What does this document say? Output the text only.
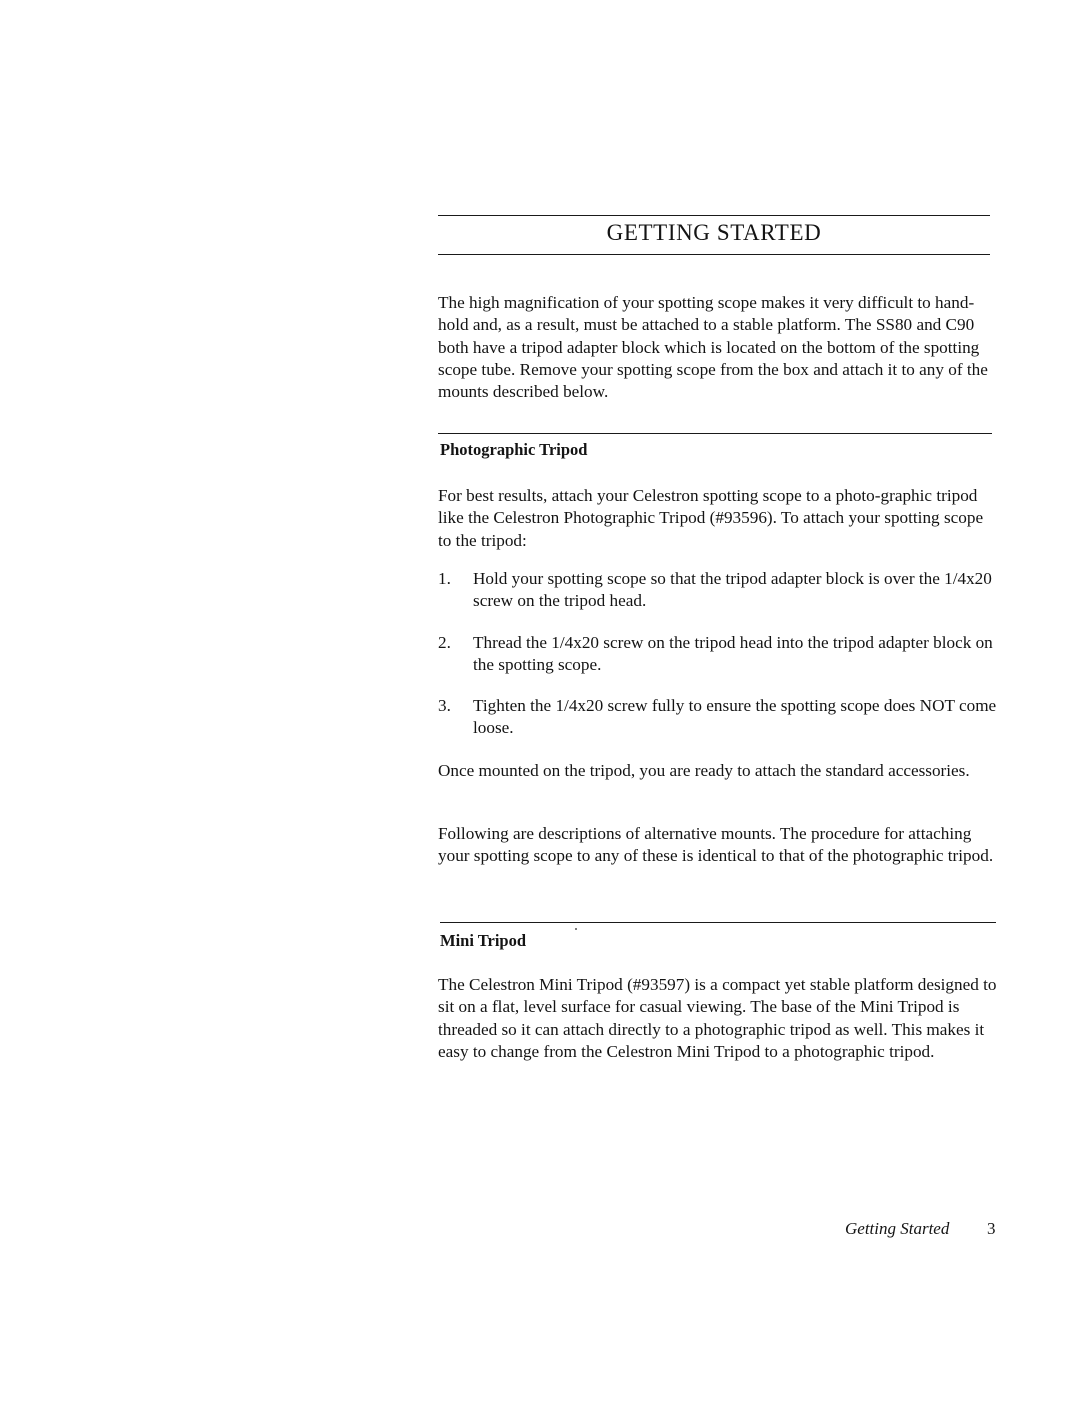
GETTING STARTED

The high magnification of your spotting scope makes it very difficult to hand-hold and, as a result, must be attached to a stable platform. The SS80 and C90 both have a tripod adapter block which is located on the bottom of the spotting scope tube. Remove your spotting scope from the box and attach it to any of the mounts described below.

Photographic Tripod

For best results, attach your Celestron spotting scope to a photo-graphic tripod like the Celestron Photographic Tripod (#93596). To attach your spotting scope to the tripod:

1. Hold your spotting scope so that the tripod adapter block is over the 1/4x20 screw on the tripod head.
2. Thread the 1/4x20 screw on the tripod head into the tripod adapter block on the spotting scope.
3. Tighten the 1/4x20 screw fully to ensure the spotting scope does NOT come loose.

Once mounted on the tripod, you are ready to attach the standard accessories.

Following are descriptions of alternative mounts. The procedure for attaching your spotting scope to any of these is identical to that of the photographic tripod.

Mini Tripod

The Celestron Mini Tripod (#93597) is a compact yet stable platform designed to sit on a flat, level surface for casual viewing. The base of the Mini Tripod is threaded so it can attach directly to a photographic tripod as well. This makes it easy to change from the Celestron Mini Tripod to a photographic tripod.

Getting Started 3
